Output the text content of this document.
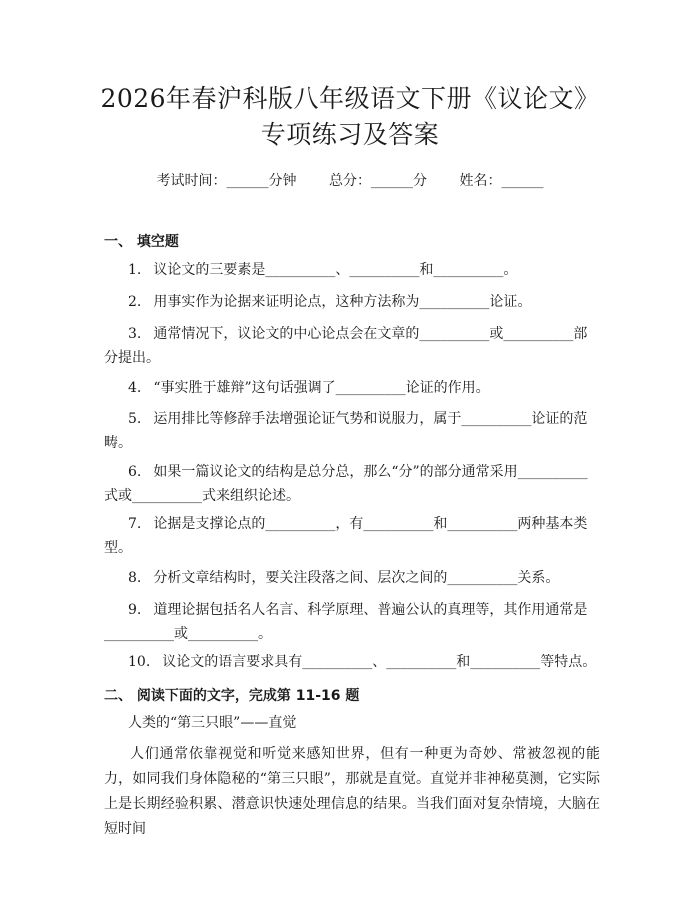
2026年春沪科版八年级语文下册《议论文》
专项练习及答案
考试时间：______分钟 总分：______分 姓名：______
一、 填空题
1. 议论文的三要素是__________、__________和__________。
2. 用事实作为论据来证明论点，这种方法称为__________论证。
3. 通常情况下，议论文的中心论点会在文章的__________或__________部分提出。
4. “事实胜于雄辩”这句话强调了__________论证的作用。
5. 运用排比等修辞手法增强论证气势和说服力，属于__________论证的范畴。
6. 如果一篇议论文的结构是总分总，那么“分”的部分通常采用__________式或__________式来组织论述。
7. 论据是支撑论点的__________，有__________和__________两种基本类型。
8. 分析文章结构时，要关注段落之间、层次之间的__________关系。
9. 道理论据包括名人名言、科学原理、普遍公认的真理等，其作用通常是__________或__________。
10. 议论文的语言要求具有__________、__________和__________等特点。
二、 阅读下面的文字，完成第 11-16 题
人类的“第三只眼”——直觉
人们通常依靠视觉和听觉来感知世界，但有一种更为奇妙、常被忽视的能力，如同我们身体隐秘的“第三只眼”，那就是直觉。直觉并非神秘莫测，它实际上是长期经验积累、潜意识快速处理信息的结果。当我们面对复杂情境，大脑在短时间
